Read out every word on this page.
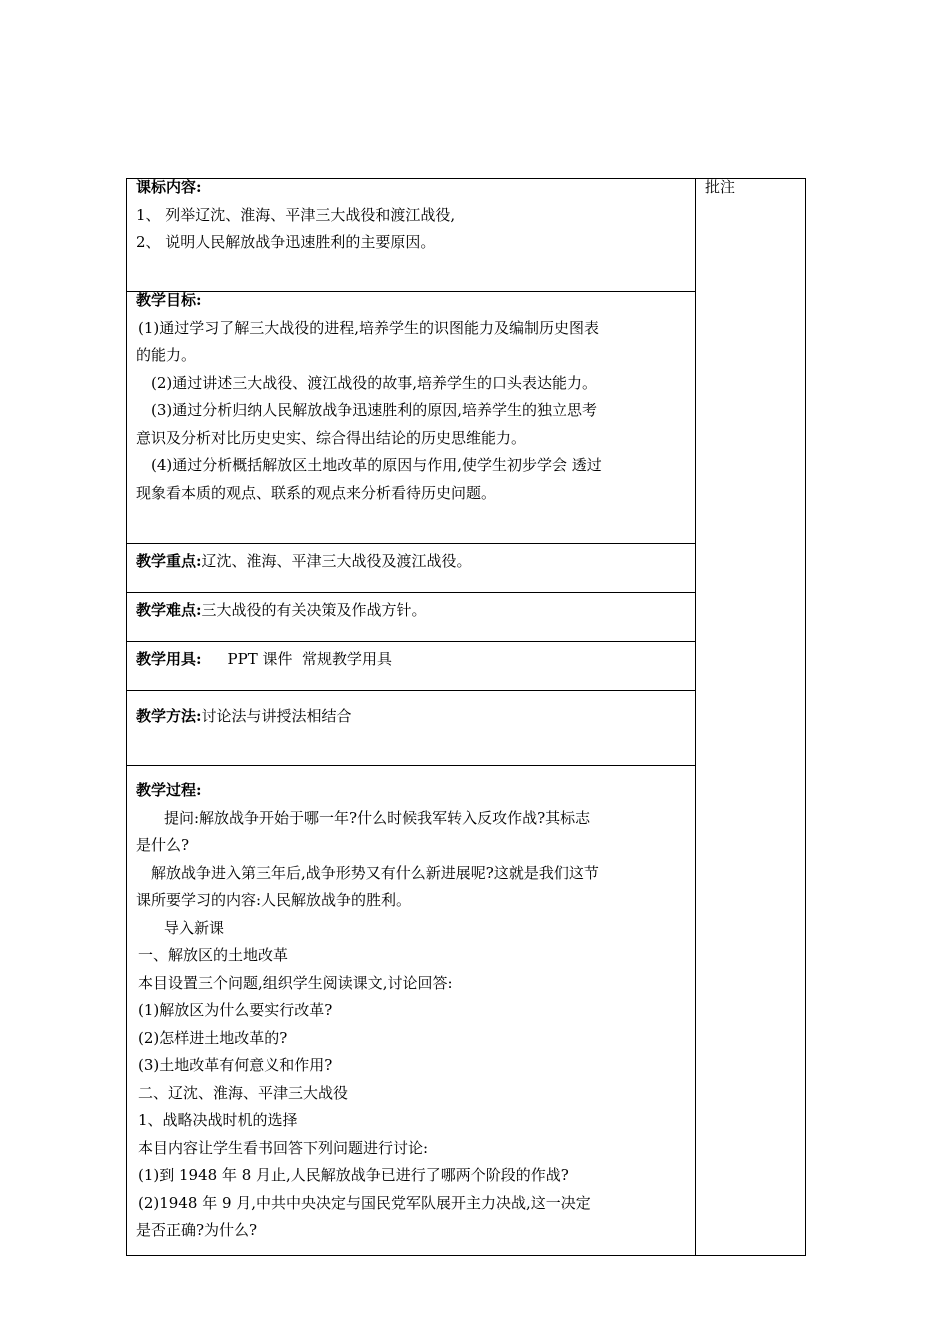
批注

课标内容:

1、 列举辽沈、淮海、平津三大战役和渡江战役,

2、 说明人民解放战争迅速胜利的主要原因。

教学目标:

(1)通过学习了解三大战役的进程,培养学生的识图能力及编制历史图表

的能力。

(2)通过讲述三大战役、渡江战役的故事,培养学生的口头表达能力。

(3)通过分析归纳人民解放战争迅速胜利的原因,培养学生的独立思考

意识及分析对比历史史实、综合得出结论的历史思维能力。

(4)通过分析概括解放区土地改革的原因与作用,使学生初步学会 透过

现象看本质的观点、联系的观点来分析看待历史问题。

教学重点:辽沈、淮海、平津三大战役及渡江战役。

教学难点:三大战役的有关决策及作战方针。

教学用具: PPT 课件  常规教学用具

教学方法:讨论法与讲授法相结合

教学过程:

提问:解放战争开始于哪一年?什么时候我军转入反攻作战?其标志

是什么?

解放战争进入第三年后,战争形势又有什么新进展呢?这就是我们这节

课所要学习的内容:人民解放战争的胜利。

导入新课

一、解放区的土地改革

本目设置三个问题,组织学生阅读课文,讨论回答:

(1)解放区为什么要实行改革?

(2)怎样进土地改革的?

(3)土地改革有何意义和作用?

二、辽沈、淮海、平津三大战役

1、战略决战时机的选择

本目内容让学生看书回答下列问题进行讨论:

(1)到 1948 年 8 月止,人民解放战争已进行了哪两个阶段的作战?

(2)1948 年 9 月,中共中央决定与国民党军队展开主力决战,这一决定

是否正确?为什么?
